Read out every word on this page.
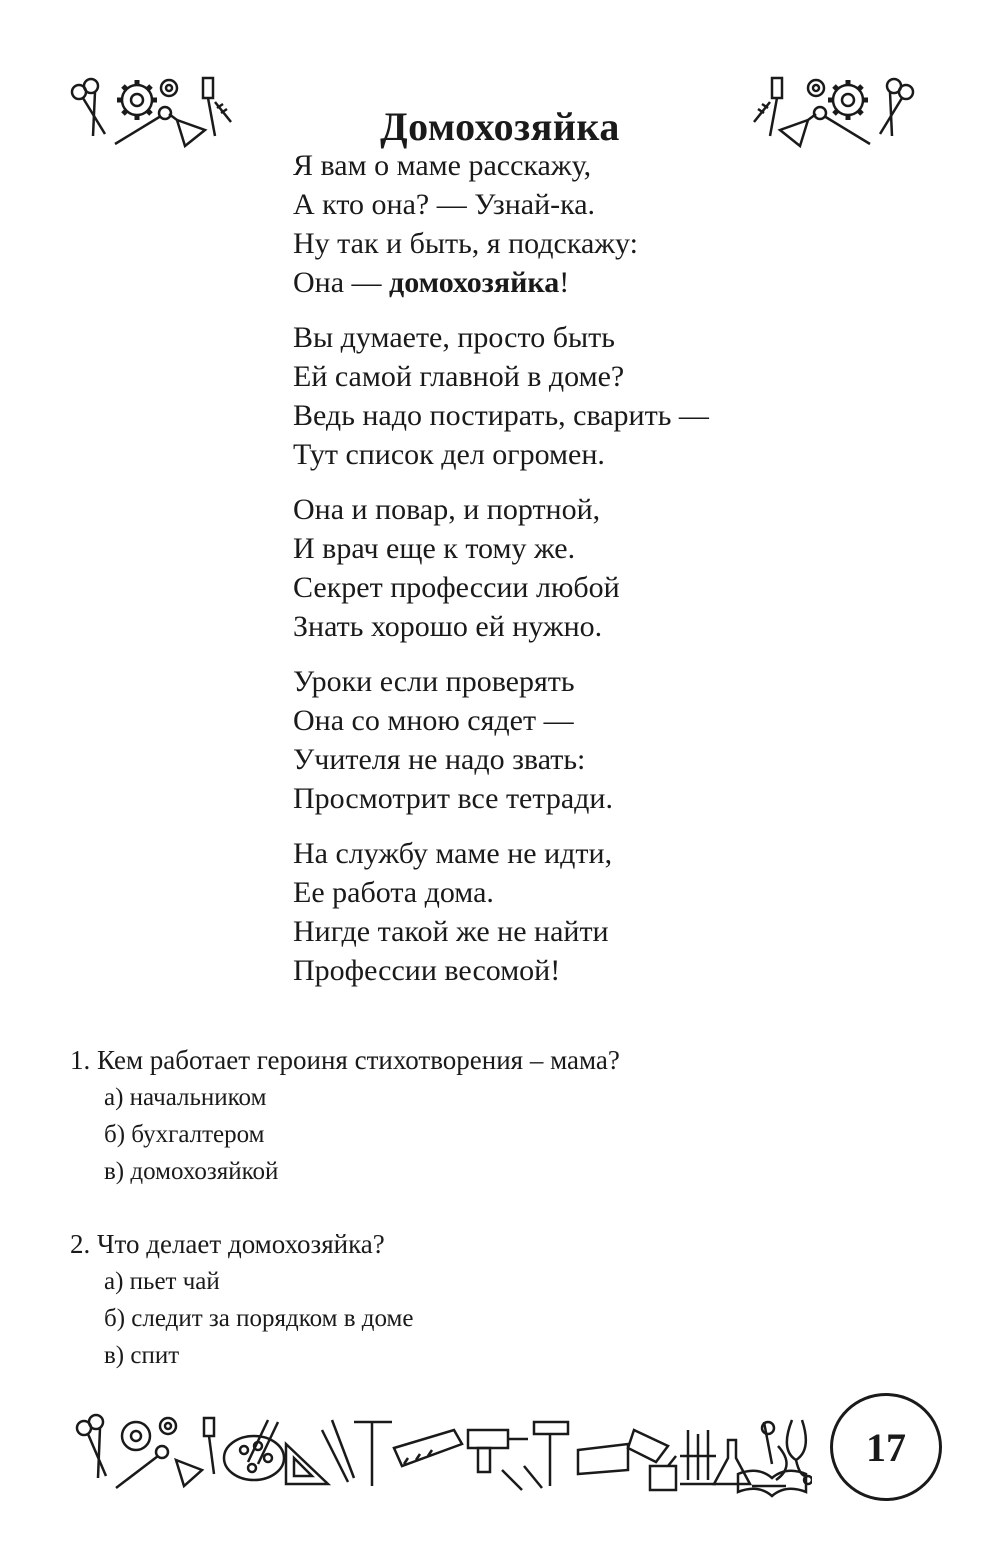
Домохозяйка
Я вам о маме расскажу,
А кто она? — Узнай-ка.
Ну так и быть, я подскажу:
Она — домохозяйка!
Вы думаете, просто быть
Ей самой главной в доме?
Ведь надо постирать, сварить —
Тут список дел огромен.
Она и повар, и портной,
И врач еще к тому же.
Секрет профессии любой
Знать хорошо ей нужно.
Уроки если проверять
Она со мною сядет —
Учителя не надо звать:
Просмотрит все тетради.
На службу маме не идти,
Ее работа дома.
Нигде такой же не найти
Профессии весомой!
1. Кем работает героиня стихотворения – мама?
а) начальником
б) бухгалтером
в) домохозяйкой
2. Что делает домохозяйка?
а) пьет чай
б) следит за порядком в доме
в) спит
17
